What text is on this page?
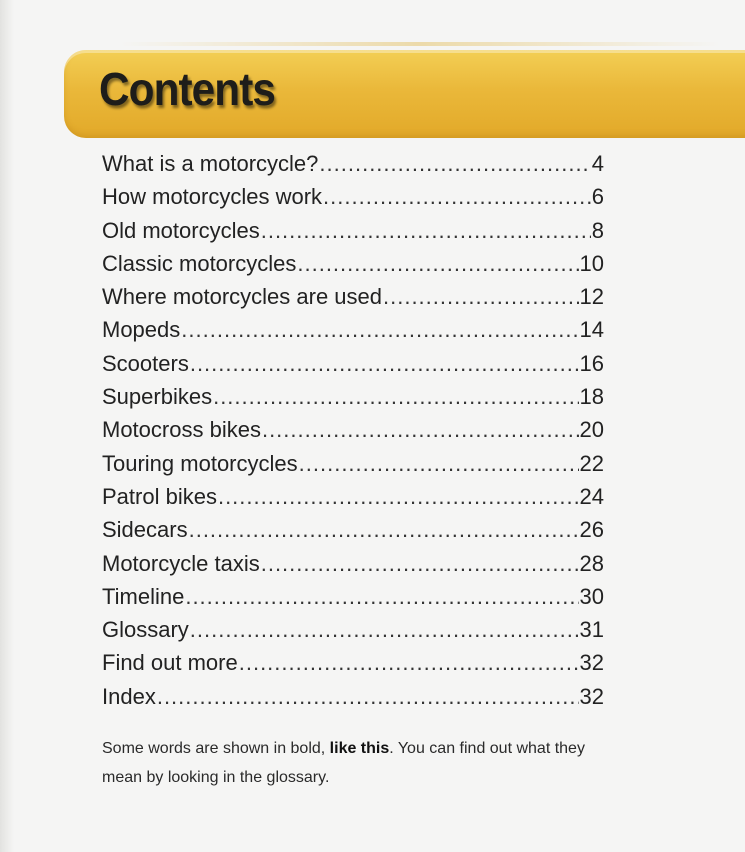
Contents
What is a motorcycle? .....	4
How motorcycles work .....	6
Old motorcycles .....	8
Classic motorcycles .....	10
Where motorcycles are used .....	12
Mopeds .....	14
Scooters .....	16
Superbikes .....	18
Motocross bikes .....	20
Touring motorcycles .....	22
Patrol bikes .....	24
Sidecars .....	26
Motorcycle taxis .....	28
Timeline .....	30
Glossary .....	31
Find out more .....	32
Index .....	32

Some words are shown in bold, like this. You can find out what they mean by looking in the glossary.
